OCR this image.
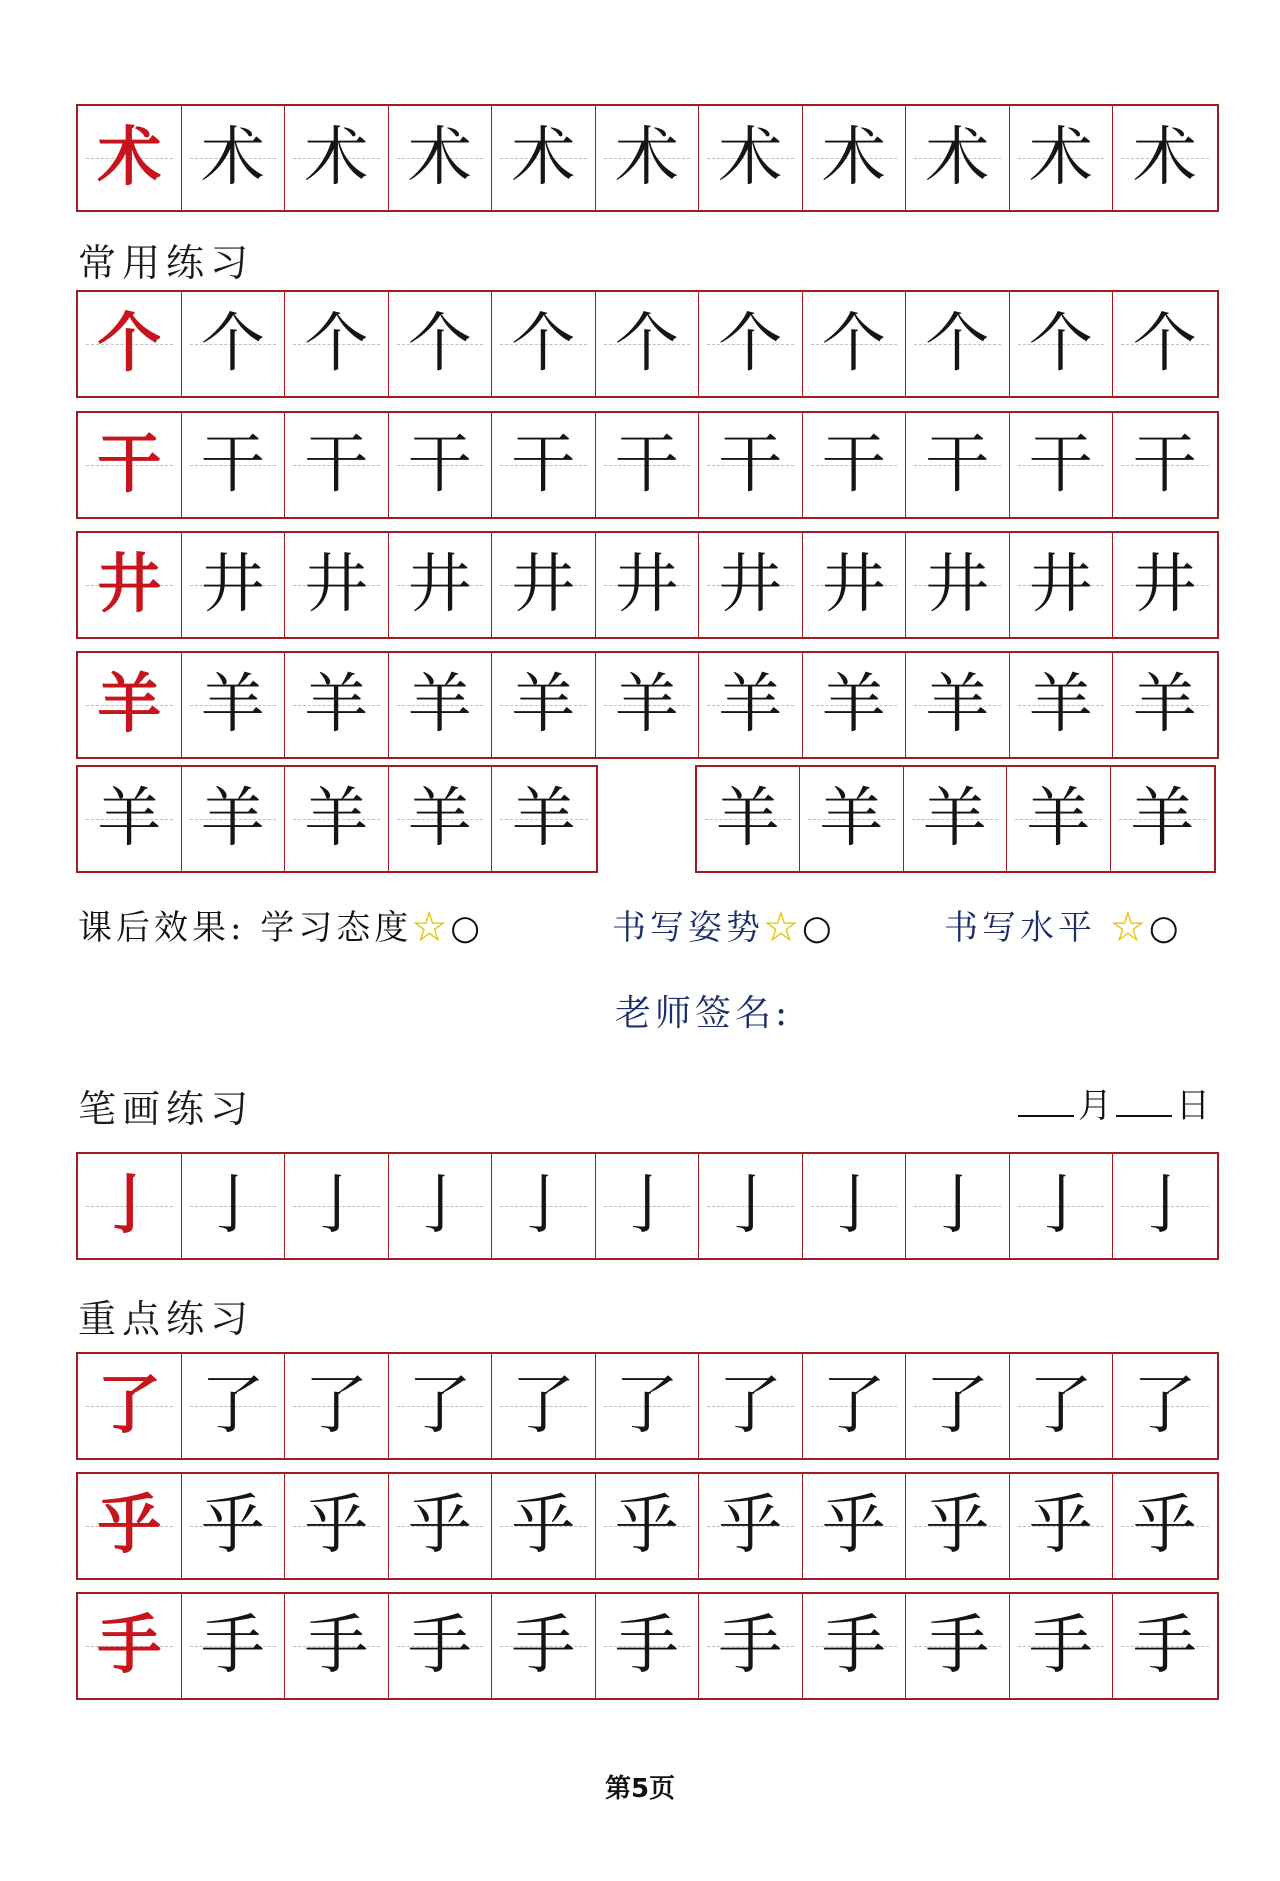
术 术 术 术 术 术 术 术 术 术 术
常用练习
个 个 个 个 个 个 个 个 个 个 个
干 干 干 干 干 干 干 干 干 干 干
井 井 井 井 井 井 井 井 井 井 井
羊 羊 羊 羊 羊 羊 羊 羊 羊 羊 羊
羊 羊 羊 羊 羊 羊 羊 羊 羊 羊
课后效果: 学习态度☆○	书写姿势☆○	书写水平 ☆○
老师签名:
笔画练习	月 日
亅 亅 亅 亅 亅 亅 亅 亅 亅 亅 亅
重点练习
了 了 了 了 了 了 了 了 了 了 了
乎 乎 乎 乎 乎 乎 乎 乎 乎 乎 乎
手 手 手 手 手 手 手 手 手 手 手
第5页
